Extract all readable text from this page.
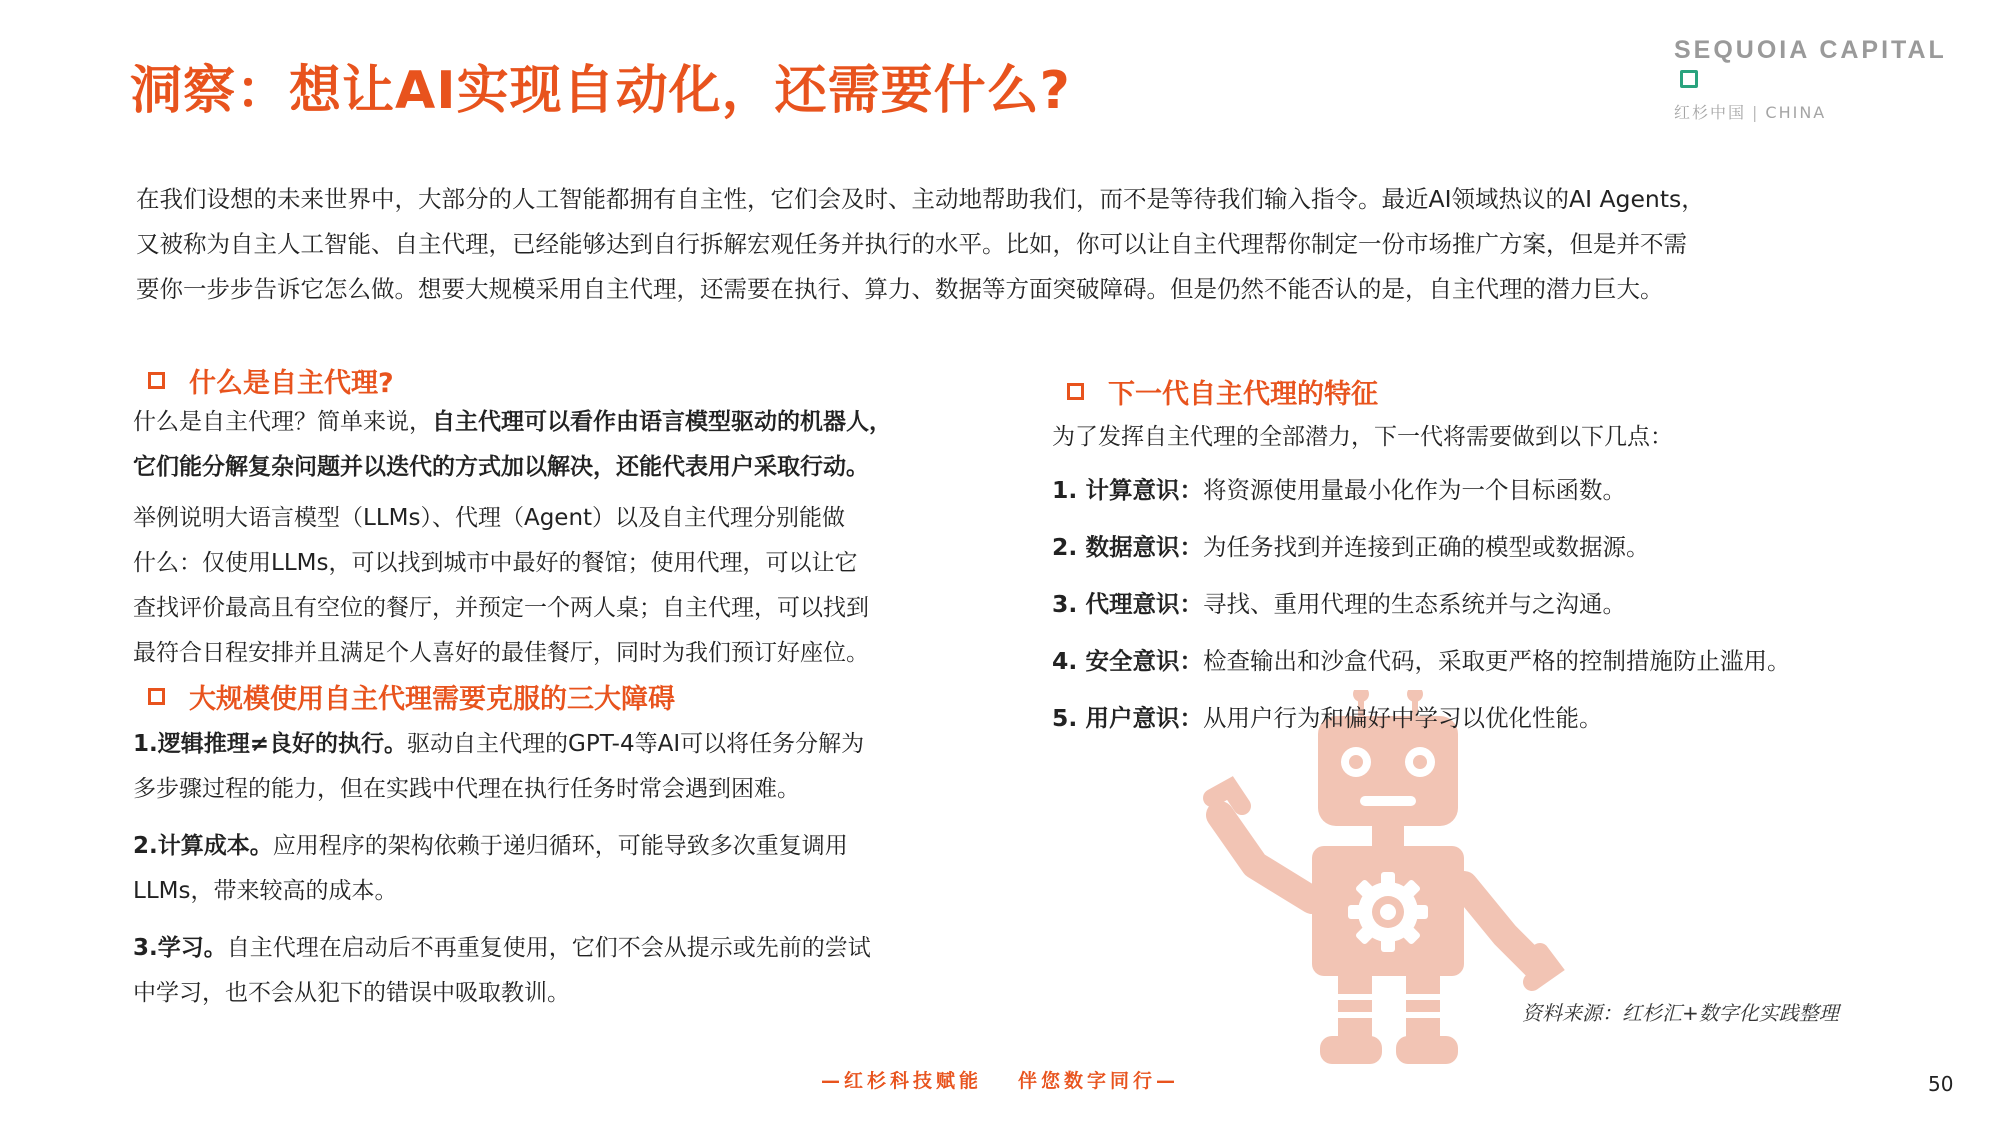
洞察：想让AI实现自动化，还需要什么?
SEQUOIA CAPITAL
红杉中国 | CHINA
在我们设想的未来世界中，大部分的人工智能都拥有自主性，它们会及时、主动地帮助我们，而不是等待我们输入指令。最近AI领域热议的AI Agents，
又被称为自主人工智能、自主代理，已经能够达到自行拆解宏观任务并执行的水平。比如，你可以让自主代理帮你制定一份市场推广方案，但是并不需
要你一步步告诉它怎么做。想要大规模采用自主代理，还需要在执行、算力、数据等方面突破障碍。但是仍然不能否认的是，自主代理的潜力巨大。
什么是自主代理?
什么是自主代理？简单来说，自主代理可以看作由语言模型驱动的机器人，
它们能分解复杂问题并以迭代的方式加以解决，还能代表用户采取行动。
举例说明大语言模型（LLMs）、代理（Agent）以及自主代理分别能做
什么：仅使用LLMs，可以找到城市中最好的餐馆；使用代理，可以让它
查找评价最高且有空位的餐厅，并预定一个两人桌；自主代理，可以找到
最符合日程安排并且满足个人喜好的最佳餐厅，同时为我们预订好座位。
大规模使用自主代理需要克服的三大障碍
1.逻辑推理≠良好的执行。驱动自主代理的GPT-4等AI可以将任务分解为
多步骤过程的能力，但在实践中代理在执行任务时常会遇到困难。
2.计算成本。应用程序的架构依赖于递归循环，可能导致多次重复调用
LLMs，带来较高的成本。
3.学习。自主代理在启动后不再重复使用，它们不会从提示或先前的尝试
中学习，也不会从犯下的错误中吸取教训。
下一代自主代理的特征
为了发挥自主代理的全部潜力，下一代将需要做到以下几点：
1. 计算意识：将资源使用量最小化作为一个目标函数。
2. 数据意识：为任务找到并连接到正确的模型或数据源。
3. 代理意识：寻找、重用代理的生态系统并与之沟通。
4. 安全意识：检查输出和沙盒代码，采取更严格的控制措施防止滥用。
5. 用户意识：从用户行为和偏好中学习以优化性能。
资料来源：红杉汇+数字化实践整理
—红杉科技赋能 伴您数字同行—	50
